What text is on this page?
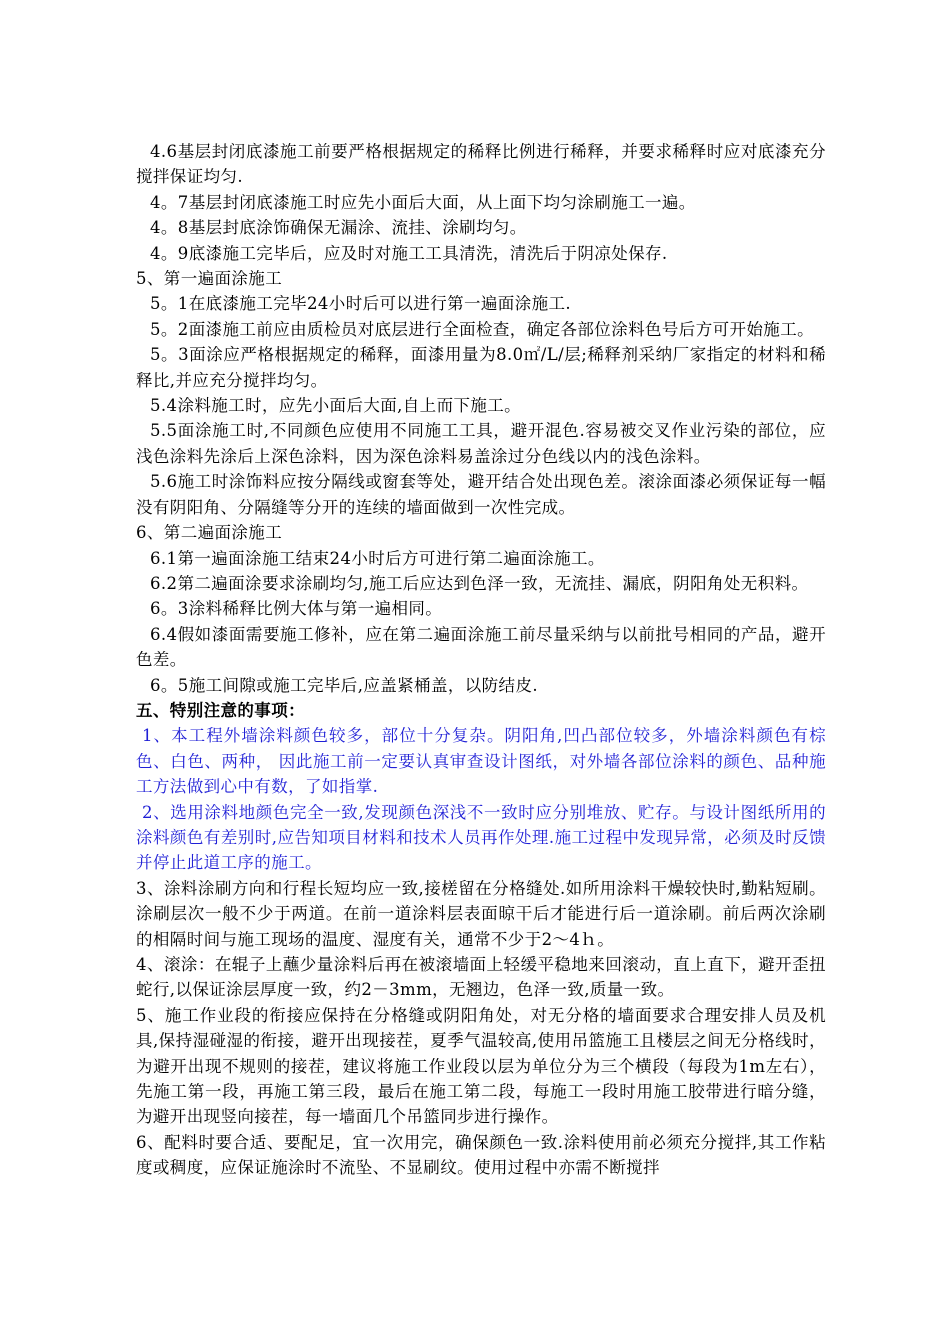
4.6基层封闭底漆施工前要严格根据规定的稀释比例进行稀释，并要求稀释时应对底漆充分搅拌保证均匀.

4。7基层封闭底漆施工时应先小面后大面，从上面下均匀涂刷施工一遍。

4。8基层封底涂饰确保无漏涂、流挂、涂刷均匀。

4。9底漆施工完毕后，应及时对施工工具清洗，清洗后于阴凉处保存.

5、第一遍面涂施工

5。1在底漆施工完毕24小时后可以进行第一遍面涂施工.

5。2面漆施工前应由质检员对底层进行全面检查，确定各部位涂料色号后方可开始施工。

5。3面涂应严格根据规定的稀释，面漆用量为8.0㎡/L/层;稀释剂采纳厂家指定的材料和稀释比,并应充分搅拌均匀。

5.4涂料施工时，应先小面后大面,自上而下施工。

5.5面涂施工时,不同颜色应使用不同施工工具，避开混色.容易被交叉作业污染的部位，应浅色涂料先涂后上深色涂料，因为深色涂料易盖涂过分色线以内的浅色涂料。

5.6施工时涂饰料应按分隔线或窗套等处，避开结合处出现色差。滚涂面漆必须保证每一幅没有阴阳角、分隔缝等分开的连续的墙面做到一次性完成。

6、第二遍面涂施工

6.1第一遍面涂施工结束24小时后方可进行第二遍面涂施工。

6.2第二遍面涂要求涂刷均匀,施工后应达到色泽一致，无流挂、漏底，阴阳角处无积料。

6。3涂料稀释比例大体与第一遍相同。

6.4假如漆面需要施工修补，应在第二遍面涂施工前尽量采纳与以前批号相同的产品，避开色差。

6。5施工间隙或施工完毕后,应盖紧桶盖，以防结皮.

五、特别注意的事项：

1、本工程外墙涂料颜色较多，部位十分复杂。阴阳角,凹凸部位较多，外墙涂料颜色有棕色、白色、两种， 因此施工前一定要认真审查设计图纸，对外墙各部位涂料的颜色、品种施工方法做到心中有数，了如指掌.

2、选用涂料地颜色完全一致,发现颜色深浅不一致时应分别堆放、贮存。与设计图纸所用的涂料颜色有差别时,应告知项目材料和技术人员再作处理.施工过程中发现异常，必须及时反馈并停止此道工序的施工。

3、涂料涂刷方向和行程长短均应一致,接槎留在分格缝处.如所用涂料干燥较快时,勤粘短刷。涂刷层次一般不少于两道。在前一道涂料层表面晾干后才能进行后一道涂刷。前后两次涂刷的相隔时间与施工现场的温度、湿度有关，通常不少于2～4ｈ。

4、滚涂：在辊子上蘸少量涂料后再在被滚墙面上轻缓平稳地来回滚动，直上直下，避开歪扭蛇行,以保证涂层厚度一致，约2－3mm，无翘边，色泽一致,质量一致。

5、施工作业段的衔接应保持在分格缝或阴阳角处，对无分格的墙面要求合理安排人员及机具,保持湿碰湿的衔接，避开出现接茬，夏季气温较高,使用吊篮施工且楼层之间无分格线时，为避开出现不规则的接茬，建议将施工作业段以层为单位分为三个横段（每段为1m左右），先施工第一段，再施工第三段，最后在施工第二段，每施工一段时用施工胶带进行暗分缝，为避开出现竖向接茬，每一墙面几个吊篮同步进行操作。

6、配料时要合适、要配足，宜一次用完，确保颜色一致.涂料使用前必须充分搅拌,其工作粘度或稠度，应保证施涂时不流坠、不显刷纹。使用过程中亦需不断搅拌
